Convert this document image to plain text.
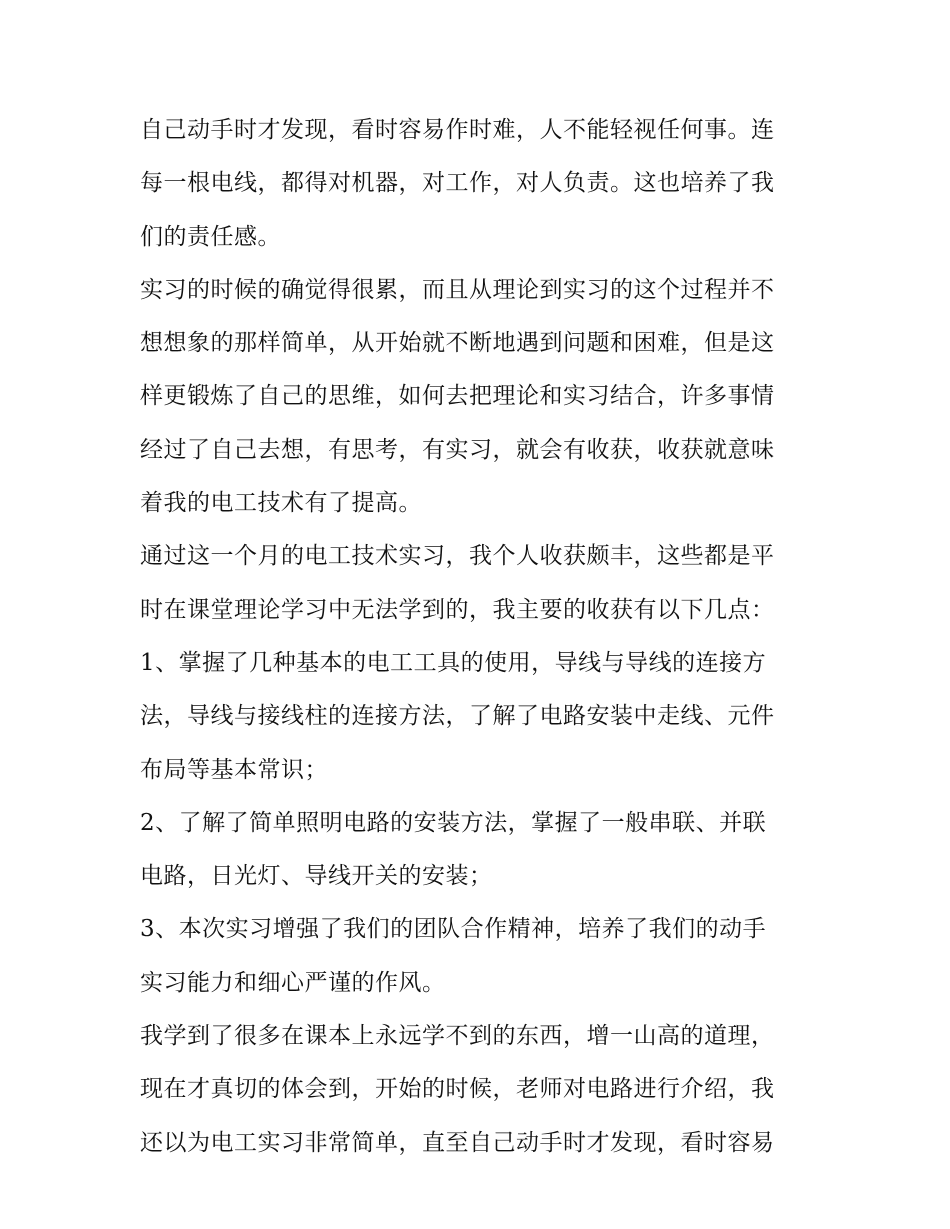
自己动手时才发现，看时容易作时难，人不能轻视任何事。连
每一根电线，都得对机器，对工作，对人负责。这也培养了我
们的责任感。
实习的时候的确觉得很累，而且从理论到实习的这个过程并不
想想象的那样简单，从开始就不断地遇到问题和困难，但是这
样更锻炼了自己的思维，如何去把理论和实习结合，许多事情
经过了自己去想，有思考，有实习，就会有收获，收获就意味
着我的电工技术有了提高。
通过这一个月的电工技术实习，我个人收获颇丰，这些都是平
时在课堂理论学习中无法学到的，我主要的收获有以下几点：
1、掌握了几种基本的电工工具的使用，导线与导线的连接方
法，导线与接线柱的连接方法，了解了电路安装中走线、元件
布局等基本常识；
2、了解了简单照明电路的安装方法，掌握了一般串联、并联
电路，日光灯、导线开关的安装；
3、本次实习增强了我们的团队合作精神，培养了我们的动手
实习能力和细心严谨的作风。
我学到了很多在课本上永远学不到的东西，增一山高的道理，
现在才真切的体会到，开始的时候，老师对电路进行介绍，我
还以为电工实习非常简单，直至自己动手时才发现，看时容易
